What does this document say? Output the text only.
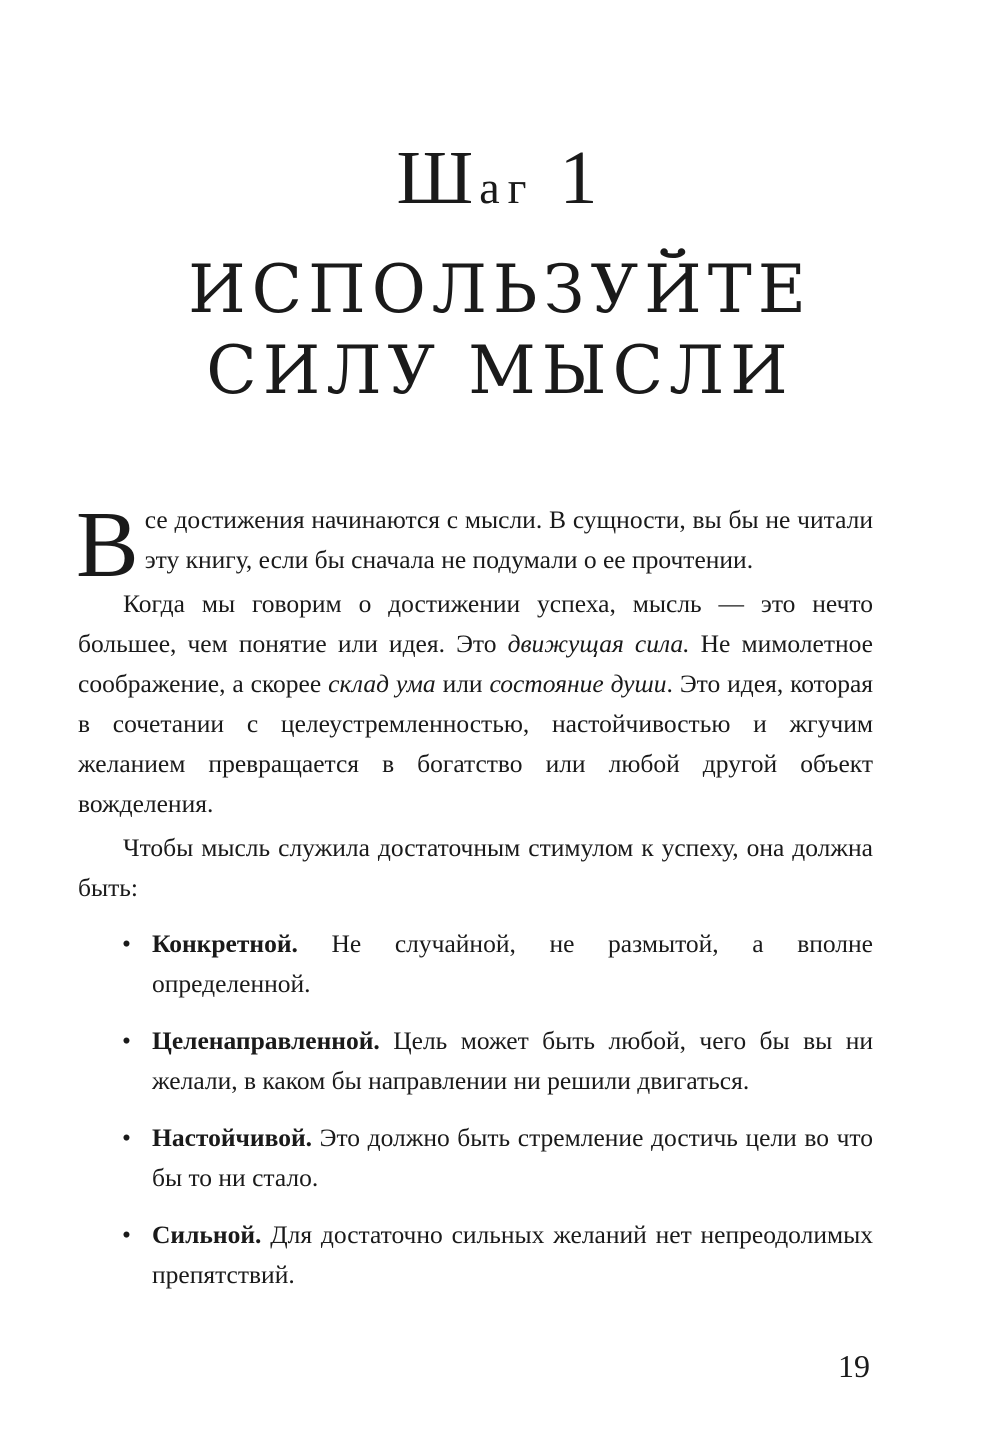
Шаг 1
ИСПОЛЬЗУЙТЕ
СИЛУ МЫСЛИ

Все достижения начинаются с мысли. В сущности, вы бы не читали эту книгу, если бы сначала не подумали о ее прочтении.

Когда мы говорим о достижении успеха, мысль — это нечто большее, чем понятие или идея. Это движущая сила. Не мимолетное соображение, а скорее склад ума или состояние души. Это идея, которая в сочетании с целеустремленностью, настойчивостью и жгучим желанием превращается в богатство или любой другой объект вожделения.

Чтобы мысль служила достаточным стимулом к успеху, она должна быть:

• Конкретной. Не случайной, не размытой, а вполне определенной.
• Целенаправленной. Цель может быть любой, чего бы вы ни желали, в каком бы направлении ни решили двигаться.
• Настойчивой. Это должно быть стремление достичь цели во что бы то ни стало.
• Сильной. Для достаточно сильных желаний нет непреодолимых препятствий.
19
